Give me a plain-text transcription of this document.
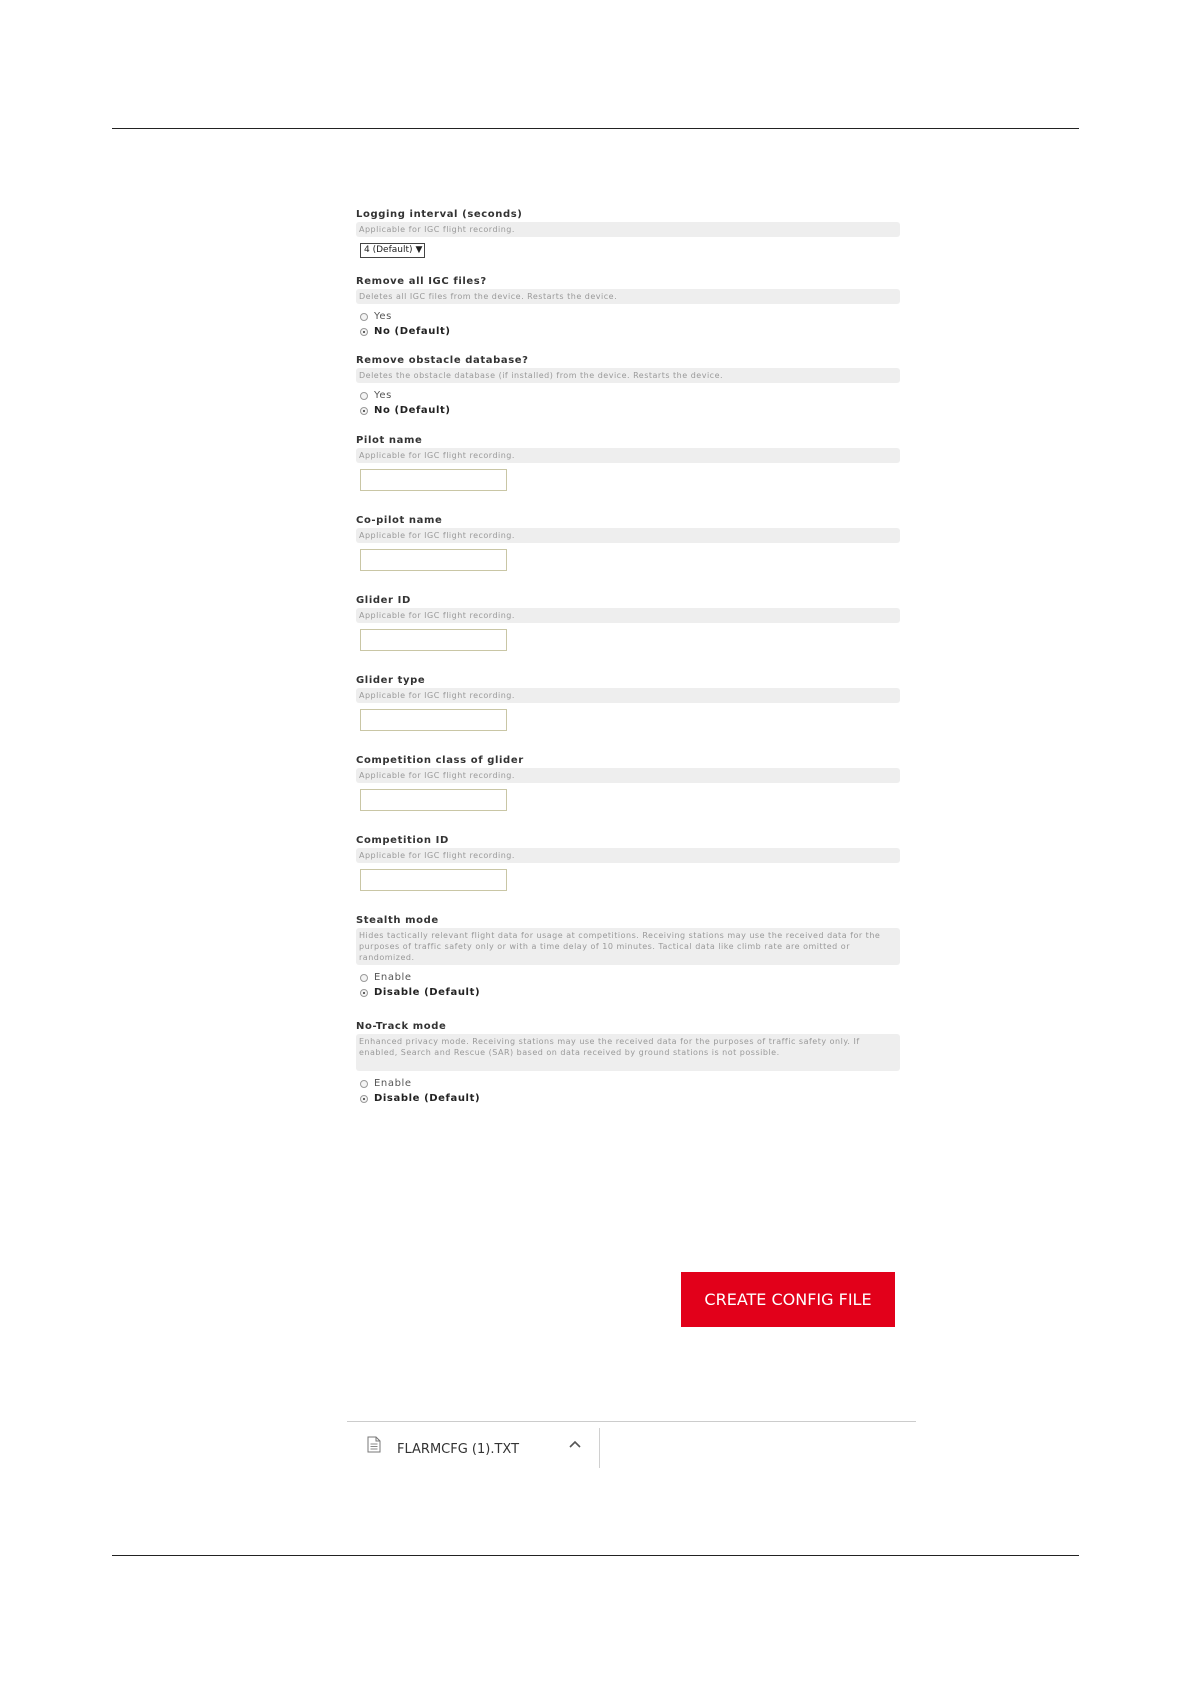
Logging interval (seconds)
Applicable for IGC flight recording.
4 (Default) ▼
Remove all IGC files?
Deletes all IGC files from the device. Restarts the device.
Yes
No (Default)
Remove obstacle database?
Deletes the obstacle database (if installed) from the device. Restarts the device.
Yes
No (Default)
Pilot name
Applicable for IGC flight recording.
Co-pilot name
Applicable for IGC flight recording.
Glider ID
Applicable for IGC flight recording.
Glider type
Applicable for IGC flight recording.
Competition class of glider
Applicable for IGC flight recording.
Competition ID
Applicable for IGC flight recording.
Stealth mode
Hides tactically relevant flight data for usage at competitions. Receiving stations may use the received data for the purposes of traffic safety only or with a time delay of 10 minutes. Tactical data like climb rate are omitted or randomized.
Enable
Disable (Default)
No-Track mode
Enhanced privacy mode. Receiving stations may use the received data for the purposes of traffic safety only. If enabled, Search and Rescue (SAR) based on data received by ground stations is not possible.
Enable
Disable (Default)
CREATE CONFIG FILE
FLARMCFG (1).TXT
